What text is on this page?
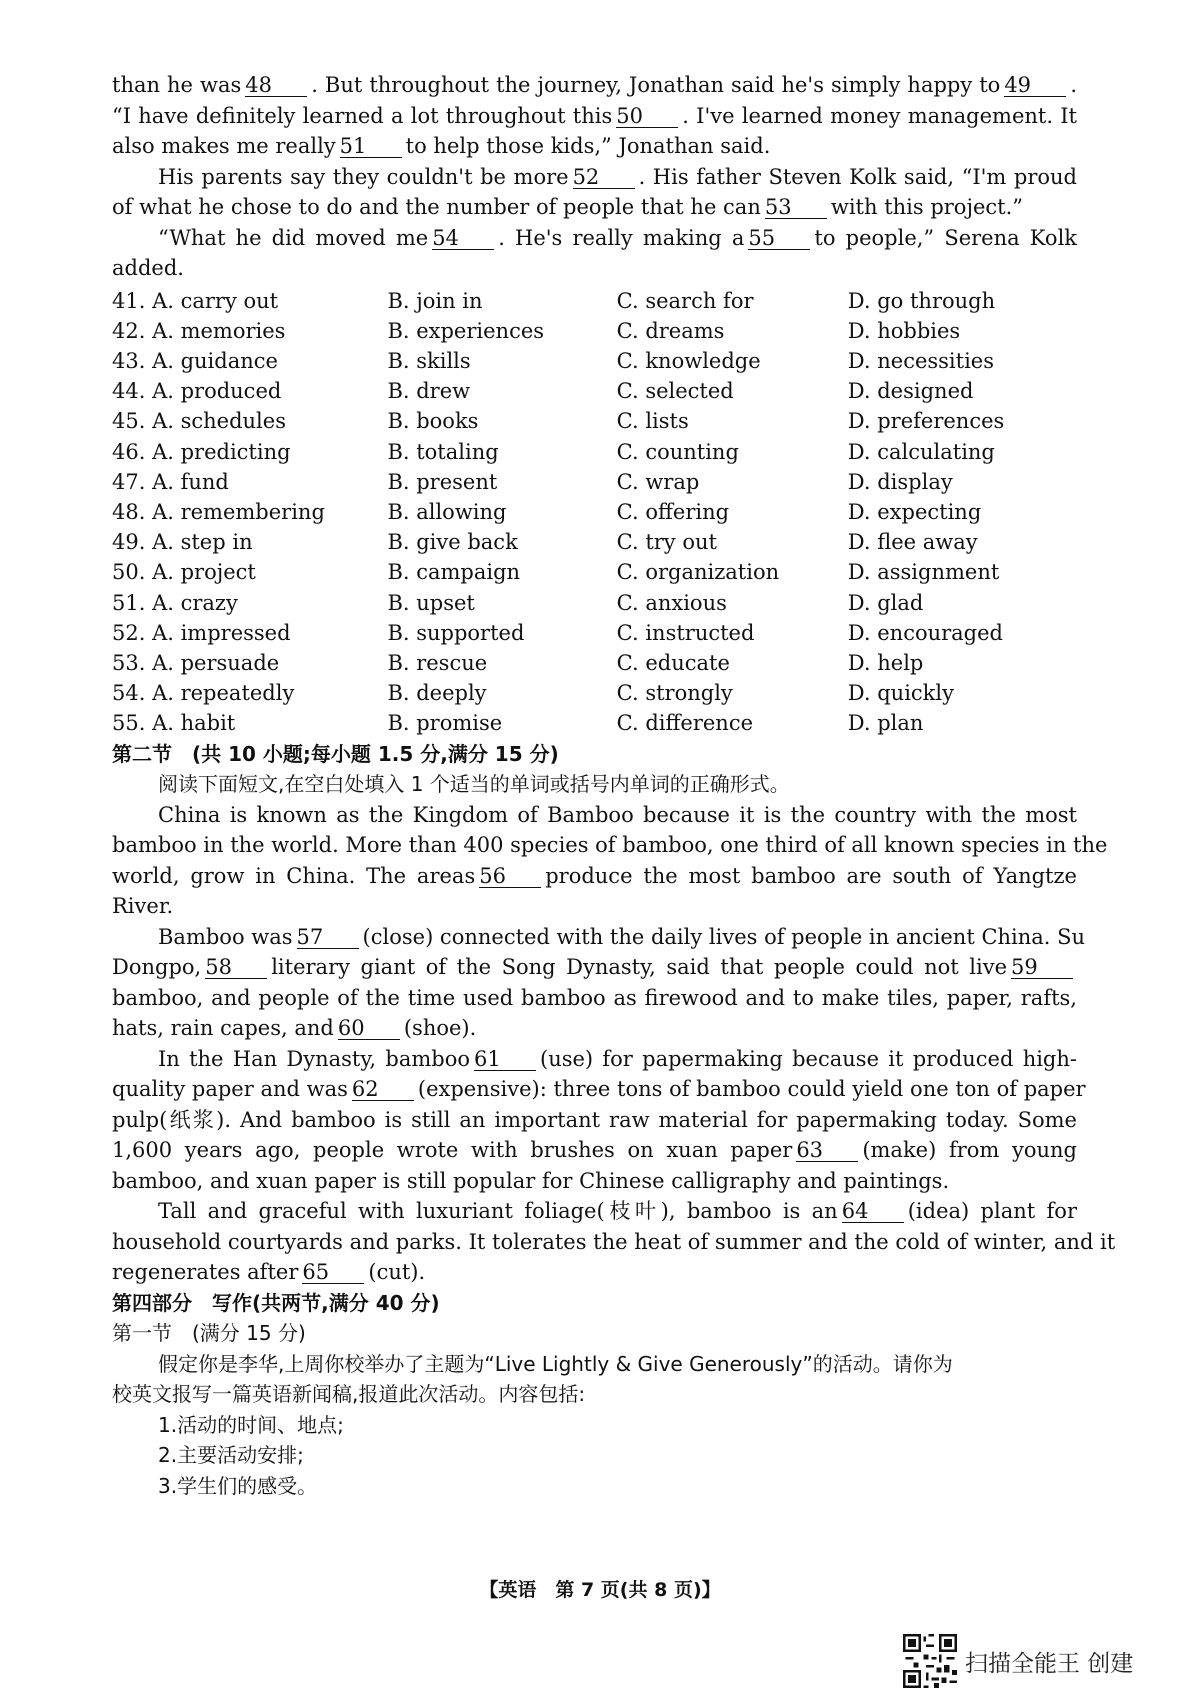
than he was 48 . But throughout the journey, Jonathan said he's simply happy to 49 .
“I have definitely learned a lot throughout this 50 . I've learned money management. It
also makes me really 51 to help those kids,” Jonathan said.
His parents say they couldn't be more 52 . His father Steven Kolk said, “I'm proud
of what he chose to do and the number of people that he can 53 with this project.”
“What he did moved me 54 . He's really making a 55 to people,” Serena Kolk
added.
41. A. carry out	B. join in	C. search for	D. go through
42. A. memories	B. experiences	C. dreams	D. hobbies
43. A. guidance	B. skills	C. knowledge	D. necessities
44. A. produced	B. drew	C. selected	D. designed
45. A. schedules	B. books	C. lists	D. preferences
46. A. predicting	B. totaling	C. counting	D. calculating
47. A. fund	B. present	C. wrap	D. display
48. A. remembering	B. allowing	C. offering	D. expecting
49. A. step in	B. give back	C. try out	D. flee away
50. A. project	B. campaign	C. organization	D. assignment
51. A. crazy	B. upset	C. anxious	D. glad
52. A. impressed	B. supported	C. instructed	D. encouraged
53. A. persuade	B. rescue	C. educate	D. help
54. A. repeatedly	B. deeply	C. strongly	D. quickly
55. A. habit	B. promise	C. difference	D. plan
第二节　(共 10 小题;每小题 1.5 分,满分 15 分)
阅读下面短文,在空白处填入 1 个适当的单词或括号内单词的正确形式。
China is known as the Kingdom of Bamboo because it is the country with the most
bamboo in the world. More than 400 species of bamboo, one third of all known species in the
world, grow in China. The areas 56 produce the most bamboo are south of Yangtze
River.
Bamboo was 57 (close) connected with the daily lives of people in ancient China. Su
Dongpo, 58 literary giant of the Song Dynasty, said that people could not live 59
bamboo, and people of the time used bamboo as firewood and to make tiles, paper, rafts,
hats, rain capes, and 60 (shoe).
In the Han Dynasty, bamboo 61 (use) for papermaking because it produced high-
quality paper and was 62 (expensive): three tons of bamboo could yield one ton of paper
pulp(纸浆). And bamboo is still an important raw material for papermaking today. Some
1,600 years ago, people wrote with brushes on xuan paper 63 (make) from young
bamboo, and xuan paper is still popular for Chinese calligraphy and paintings.
Tall and graceful with luxuriant foliage(枝叶), bamboo is an 64 (idea) plant for
household courtyards and parks. It tolerates the heat of summer and the cold of winter, and it
regenerates after 65 (cut).
第四部分　写作(共两节,满分 40 分)
第一节　(满分 15 分)
假定你是李华,上周你校举办了主题为“Live Lightly & Give Generously”的活动。请你为
校英文报写一篇英语新闻稿,报道此次活动。内容包括:
1.活动的时间、地点;
2.主要活动安排;
3.学生们的感受。
【英语　第 7 页(共 8 页)】
扫描全能王 创建
